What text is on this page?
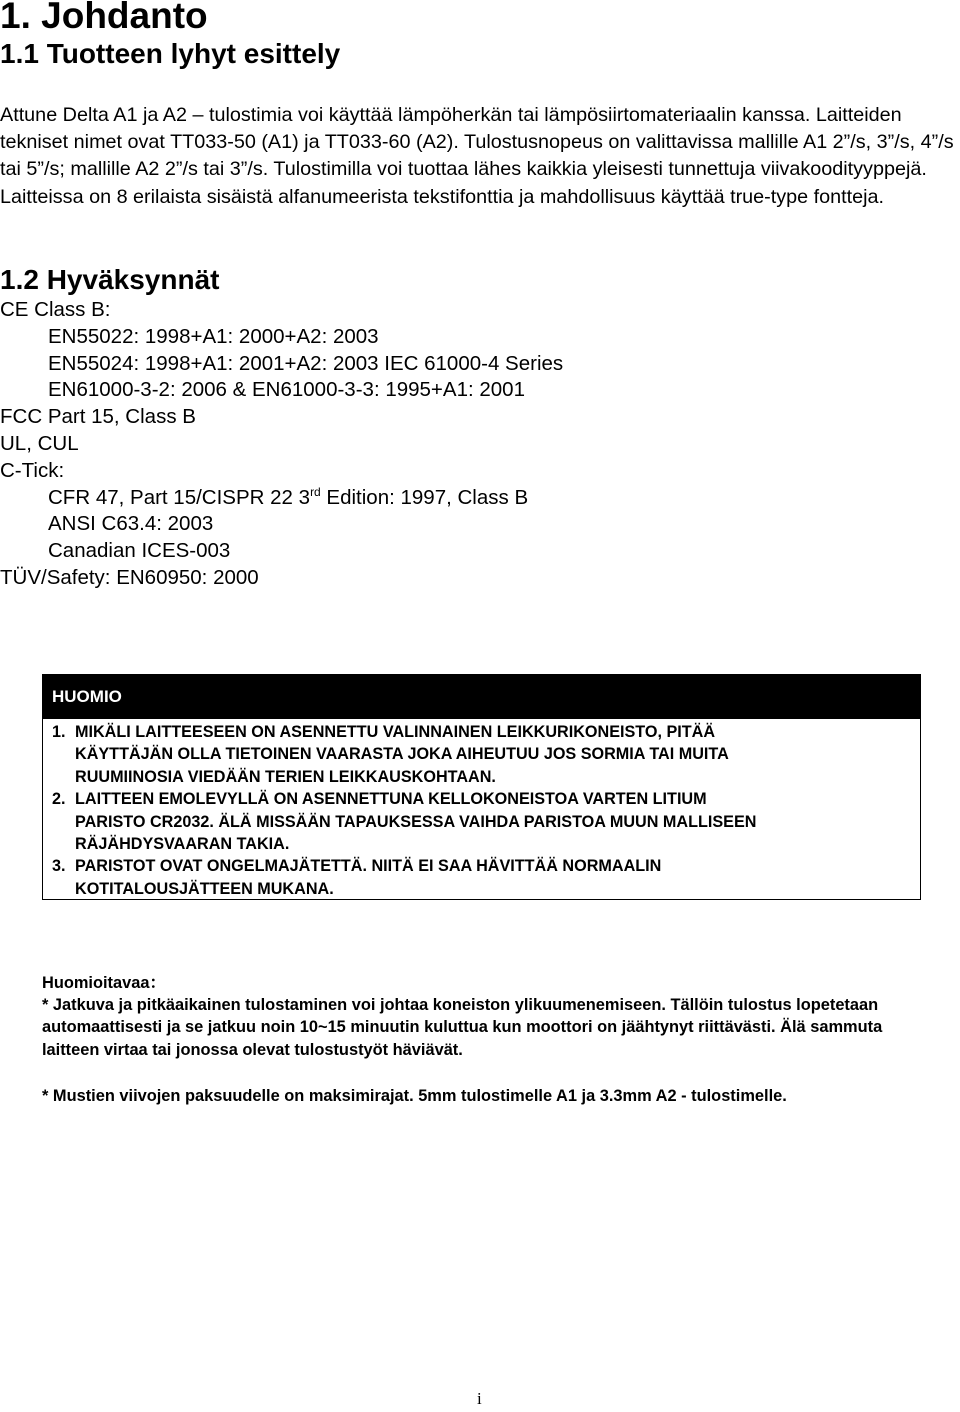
1. Johdanto
1.1 Tuotteen lyhyt esittely

Attune Delta A1 ja A2 – tulostimia voi käyttää lämpöherkän tai lämpösiirtomateriaalin kanssa. Laitteiden tekniset nimet ovat TT033-50 (A1) ja TT033-60 (A2). Tulostusnopeus on valittavissa mallille A1 2”/s, 3”/s, 4”/s tai 5”/s; mallille A2 2”/s tai 3”/s. Tulostimilla voi tuottaa lähes kaikkia yleisesti tunnettuja viivakoodityyppejä. Laitteissa on 8 erilaista sisäistä alfanumeerista tekstifonttia ja mahdollisuus käyttää true-type fontteja.

1.2 Hyväksynnät
CE Class B:
EN55022: 1998+A1: 2000+A2: 2003
EN55024: 1998+A1: 2001+A2: 2003 IEC 61000-4 Series
EN61000-3-2: 2006 & EN61000-3-3: 1995+A1: 2001
FCC Part 15, Class B
UL, CUL
C-Tick:
CFR 47, Part 15/CISPR 22 3rd Edition: 1997, Class B
ANSI C63.4: 2003
Canadian ICES-003
TÜV/Safety: EN60950: 2000
HUOMIO
1. MIKÄLI LAITTEESEEN ON ASENNETTU VALINNAINEN LEIKKURIKONEISTO, PITÄÄ
KÄYTTÄJÄN OLLA TIETOINEN VAARASTA JOKA AIHEUTUU JOS SORMIA TAI MUITA
RUUMIINOSIA VIEDÄÄN TERIEN LEIKKAUSKOHTAAN.
2. LAITTEEN EMOLEVYLLÄ ON ASENNETTUNA KELLOKONEISTOA VARTEN LITIUM
PARISTO CR2032. ÄLÄ MISSÄÄN TAPAUKSESSA VAIHDA PARISTOA MUUN MALLISEEN
RÄJÄHDYSVAARAN TAKIA.
3. PARISTOT OVAT ONGELMAJÄTETTÄ. NIITÄ EI SAA HÄVITTÄÄ NORMAALIN
KOTITALOUSJÄTTEEN MUKANA.

Huomioitavaa：

* Jatkuva ja pitkäaikainen tulostaminen voi johtaa koneiston ylikuumenemiseen. Tällöin tulostus lopetetaan automaattisesti ja se jatkuu noin 10~15 minuutin kuluttua kun moottori on jäähtynyt riittävästi. Älä sammuta laitteen virtaa tai jonossa olevat tulostustyöt häviävät.

* Mustien viivojen paksuudelle on maksimirajat. 5mm tulostimelle A1 ja 3.3mm A2 - tulostimelle.

i
